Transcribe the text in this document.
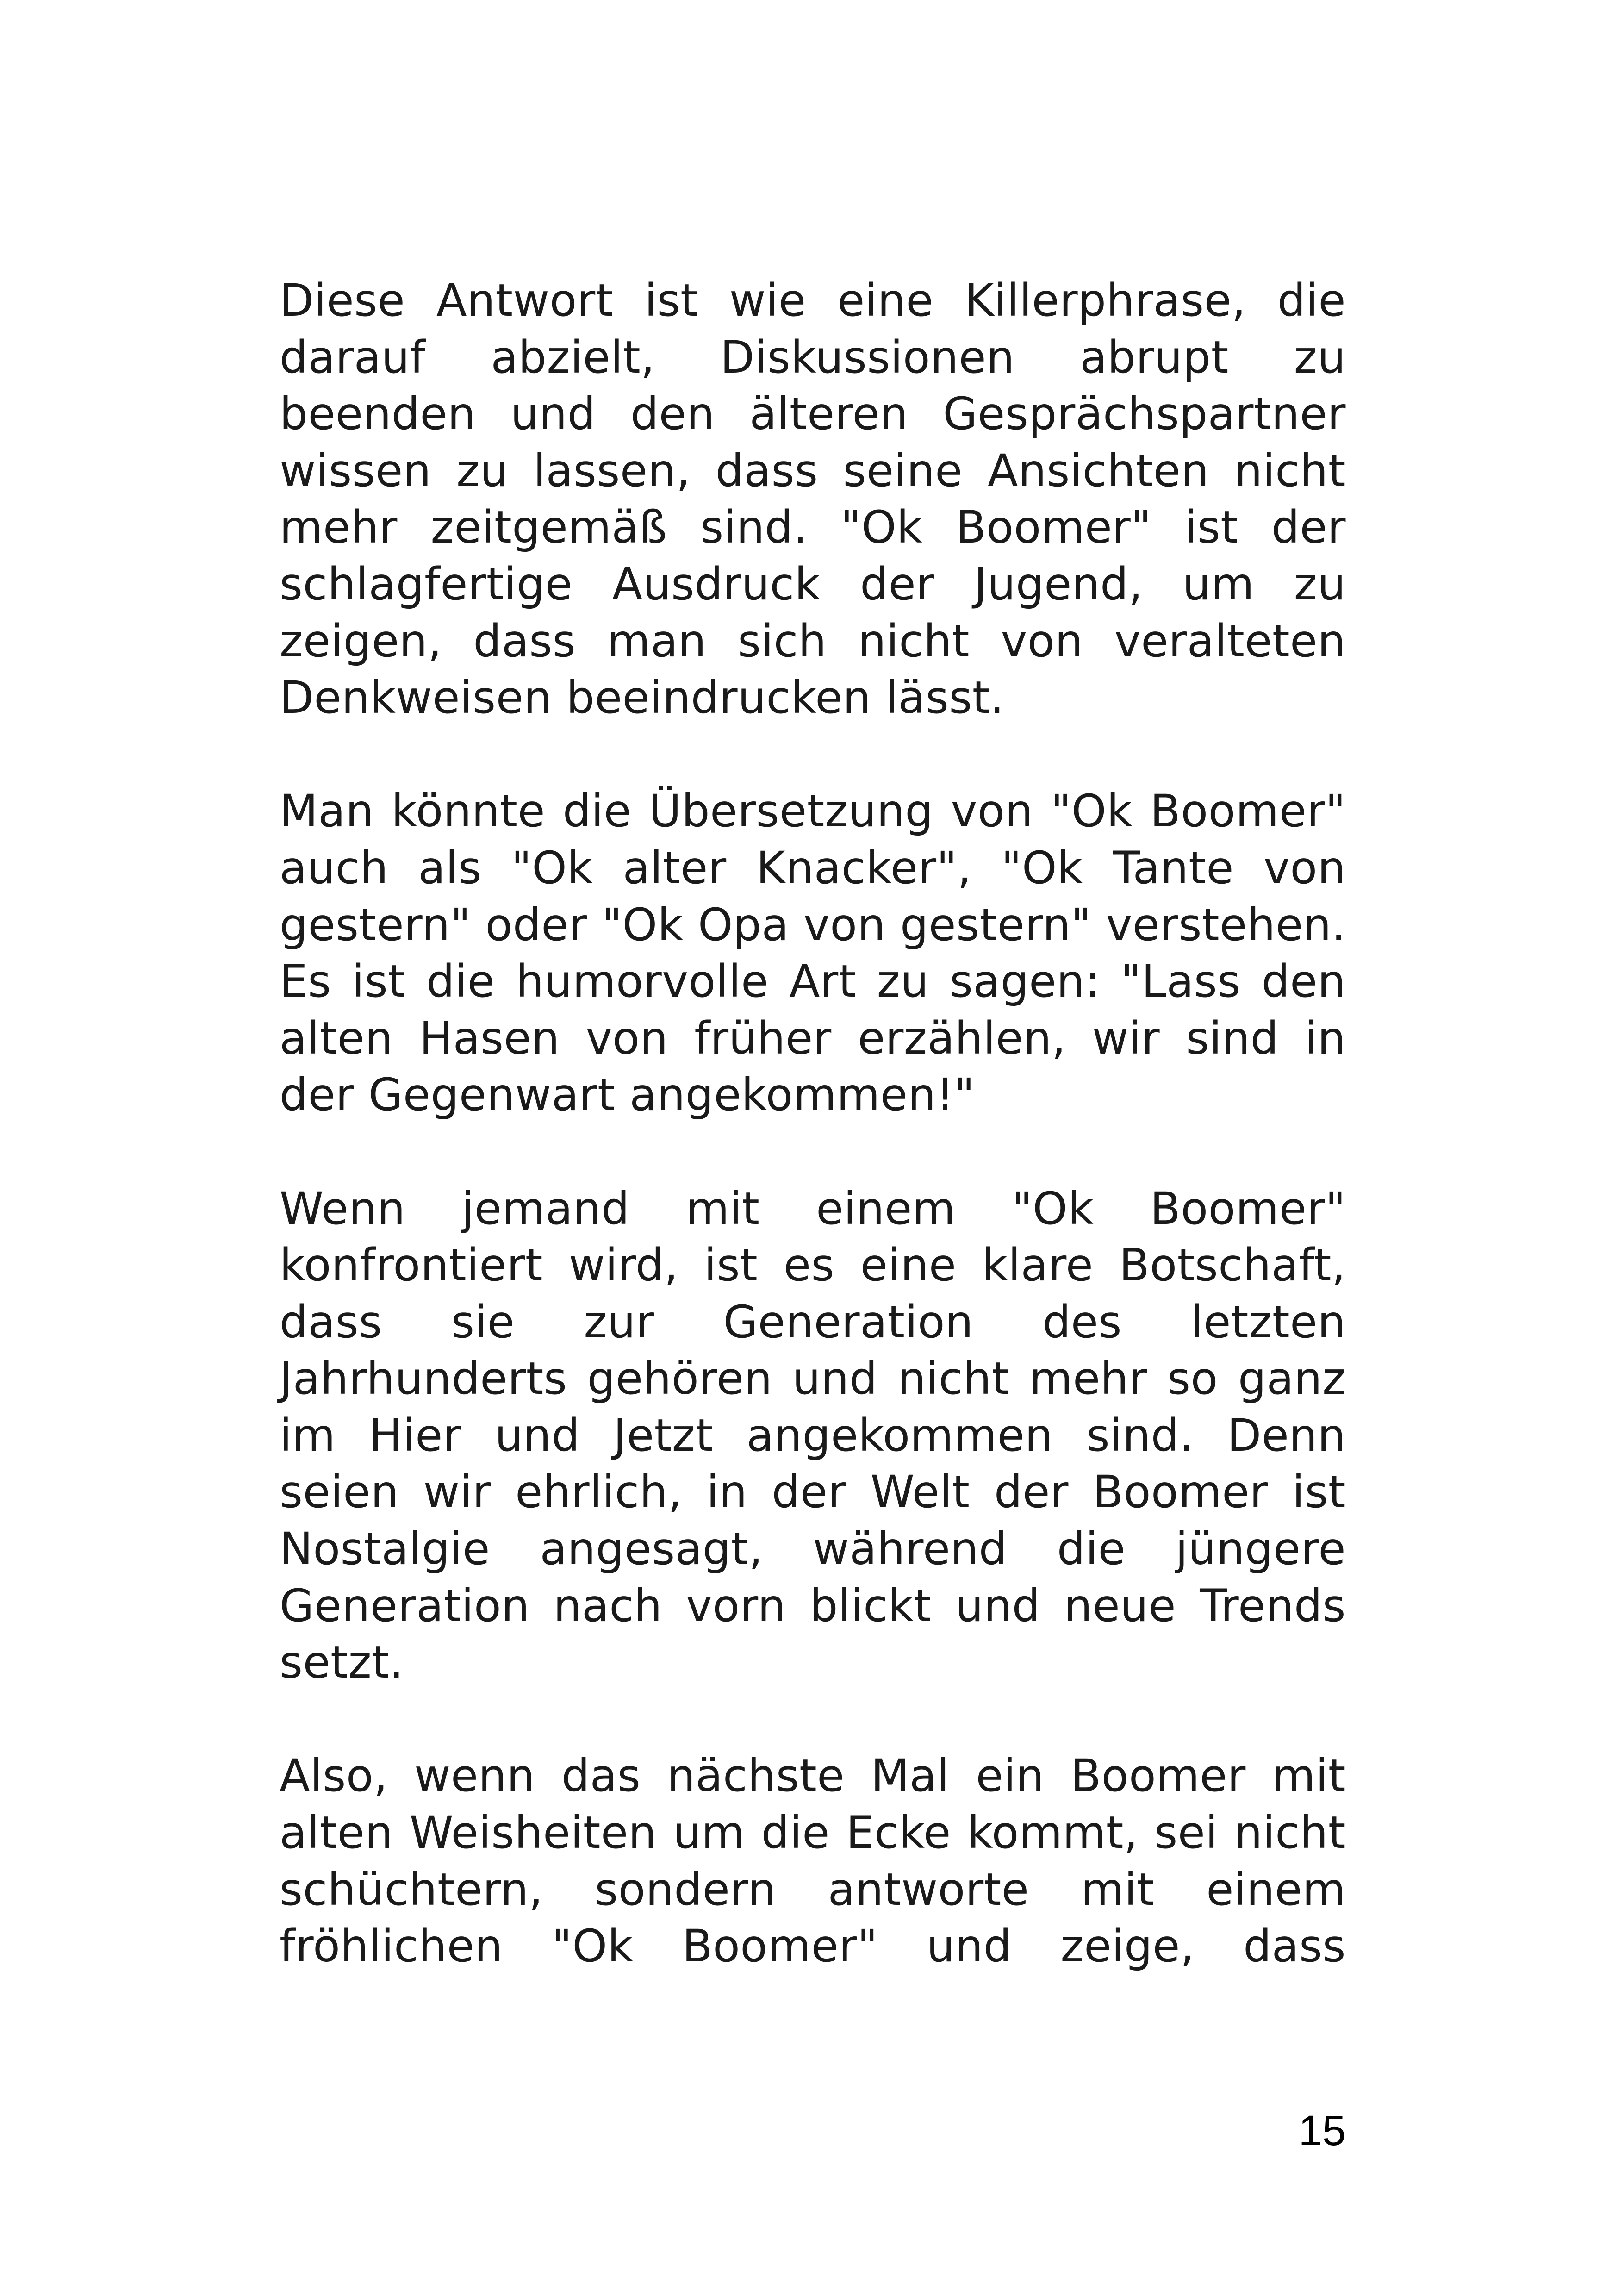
Diese Antwort ist wie eine Killerphrase, die darauf abzielt, Diskussionen abrupt zu beenden und den älteren Gesprächspartner wissen zu lassen, dass seine Ansichten nicht mehr zeitgemäß sind. "Ok Boomer" ist der schlagfertige Ausdruck der Jugend, um zu zeigen, dass man sich nicht von veralteten Denkweisen beeindrucken lässt.

Man könnte die Übersetzung von "Ok Boomer" auch als "Ok alter Knacker", "Ok Tante von gestern" oder "Ok Opa von gestern" verstehen. Es ist die humorvolle Art zu sagen: "Lass den alten Hasen von früher erzählen, wir sind in der Gegenwart angekommen!"

Wenn jemand mit einem "Ok Boomer" konfrontiert wird, ist es eine klare Botschaft, dass sie zur Generation des letzten Jahrhunderts gehören und nicht mehr so ganz im Hier und Jetzt angekommen sind. Denn seien wir ehrlich, in der Welt der Boomer ist Nostalgie angesagt, während die jüngere Generation nach vorn blickt und neue Trends setzt.

Also, wenn das nächste Mal ein Boomer mit alten Weisheiten um die Ecke kommt, sei nicht schüchtern, sondern antworte mit einem fröhlichen "Ok Boomer" und zeige, dass

15
